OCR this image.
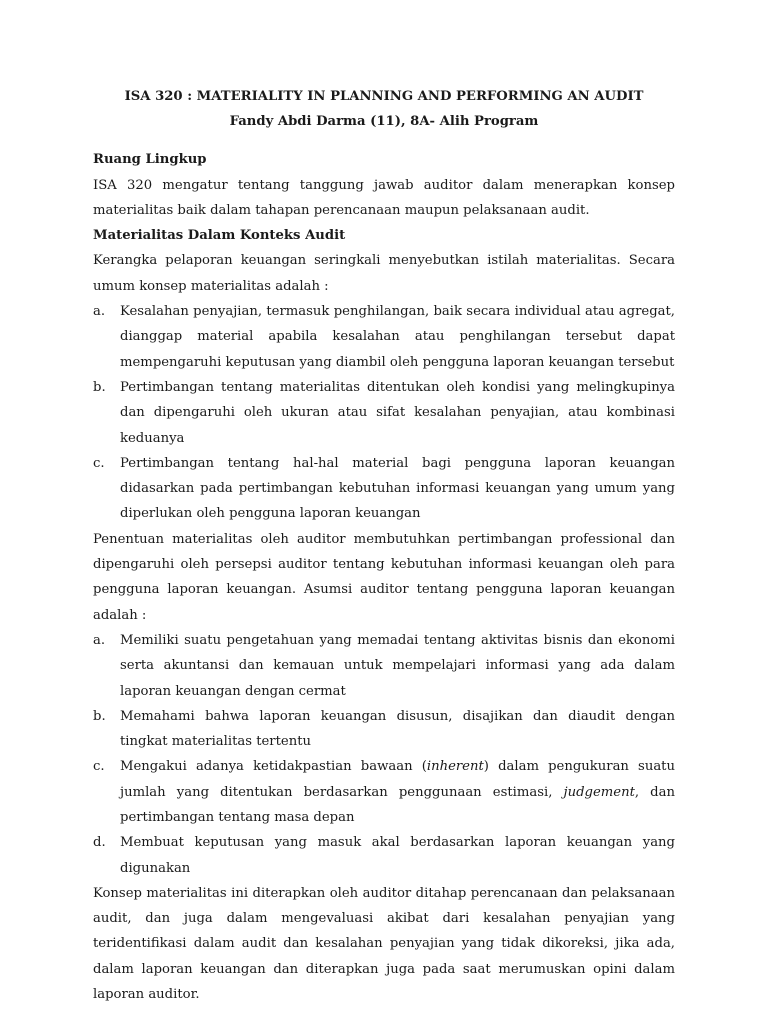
ISA 320 : MATERIALITY IN PLANNING AND PERFORMING AN AUDIT

Fandy Abdi Darma (11), 8A- Alih Program

Ruang Lingkup

ISA 320 mengatur tentang tanggung jawab auditor dalam menerapkan konsep materialitas baik dalam tahapan perencanaan maupun pelaksanaan audit.

Materialitas Dalam Konteks Audit

Kerangka pelaporan keuangan seringkali menyebutkan istilah materialitas. Secara umum konsep materialitas adalah :

a. Kesalahan penyajian, termasuk penghilangan, baik secara individual atau agregat, dianggap material apabila kesalahan atau penghilangan tersebut dapat mempengaruhi keputusan yang diambil oleh pengguna laporan keuangan tersebut
b. Pertimbangan tentang materialitas ditentukan oleh kondisi yang melingkupinya dan dipengaruhi oleh ukuran atau sifat kesalahan penyajian, atau kombinasi keduanya
c. Pertimbangan tentang hal-hal material bagi pengguna laporan keuangan didasarkan pada pertimbangan kebutuhan informasi keuangan yang umum yang diperlukan oleh pengguna laporan keuangan

Penentuan materialitas oleh auditor membutuhkan pertimbangan professional dan dipengaruhi oleh persepsi auditor tentang kebutuhan informasi keuangan oleh para pengguna laporan keuangan. Asumsi auditor tentang pengguna laporan keuangan adalah :

a. Memiliki suatu pengetahuan yang memadai tentang aktivitas bisnis dan ekonomi serta akuntansi dan kemauan untuk mempelajari informasi yang ada dalam laporan keuangan dengan cermat
b. Memahami bahwa laporan keuangan disusun, disajikan dan diaudit dengan tingkat materialitas tertentu
c. Mengakui adanya ketidakpastian bawaan (inherent) dalam pengukuran suatu jumlah yang ditentukan berdasarkan penggunaan estimasi, judgement, dan pertimbangan tentang masa depan
d. Membuat keputusan yang masuk akal berdasarkan laporan keuangan yang digunakan

Konsep materialitas ini diterapkan oleh auditor ditahap perencanaan dan pelaksanaan audit, dan juga dalam mengevaluasi akibat dari kesalahan penyajian yang teridentifikasi dalam audit dan kesalahan penyajian yang tidak dikoreksi, jika ada, dalam laporan keuangan dan diterapkan juga pada saat merumuskan opini dalam laporan auditor.
